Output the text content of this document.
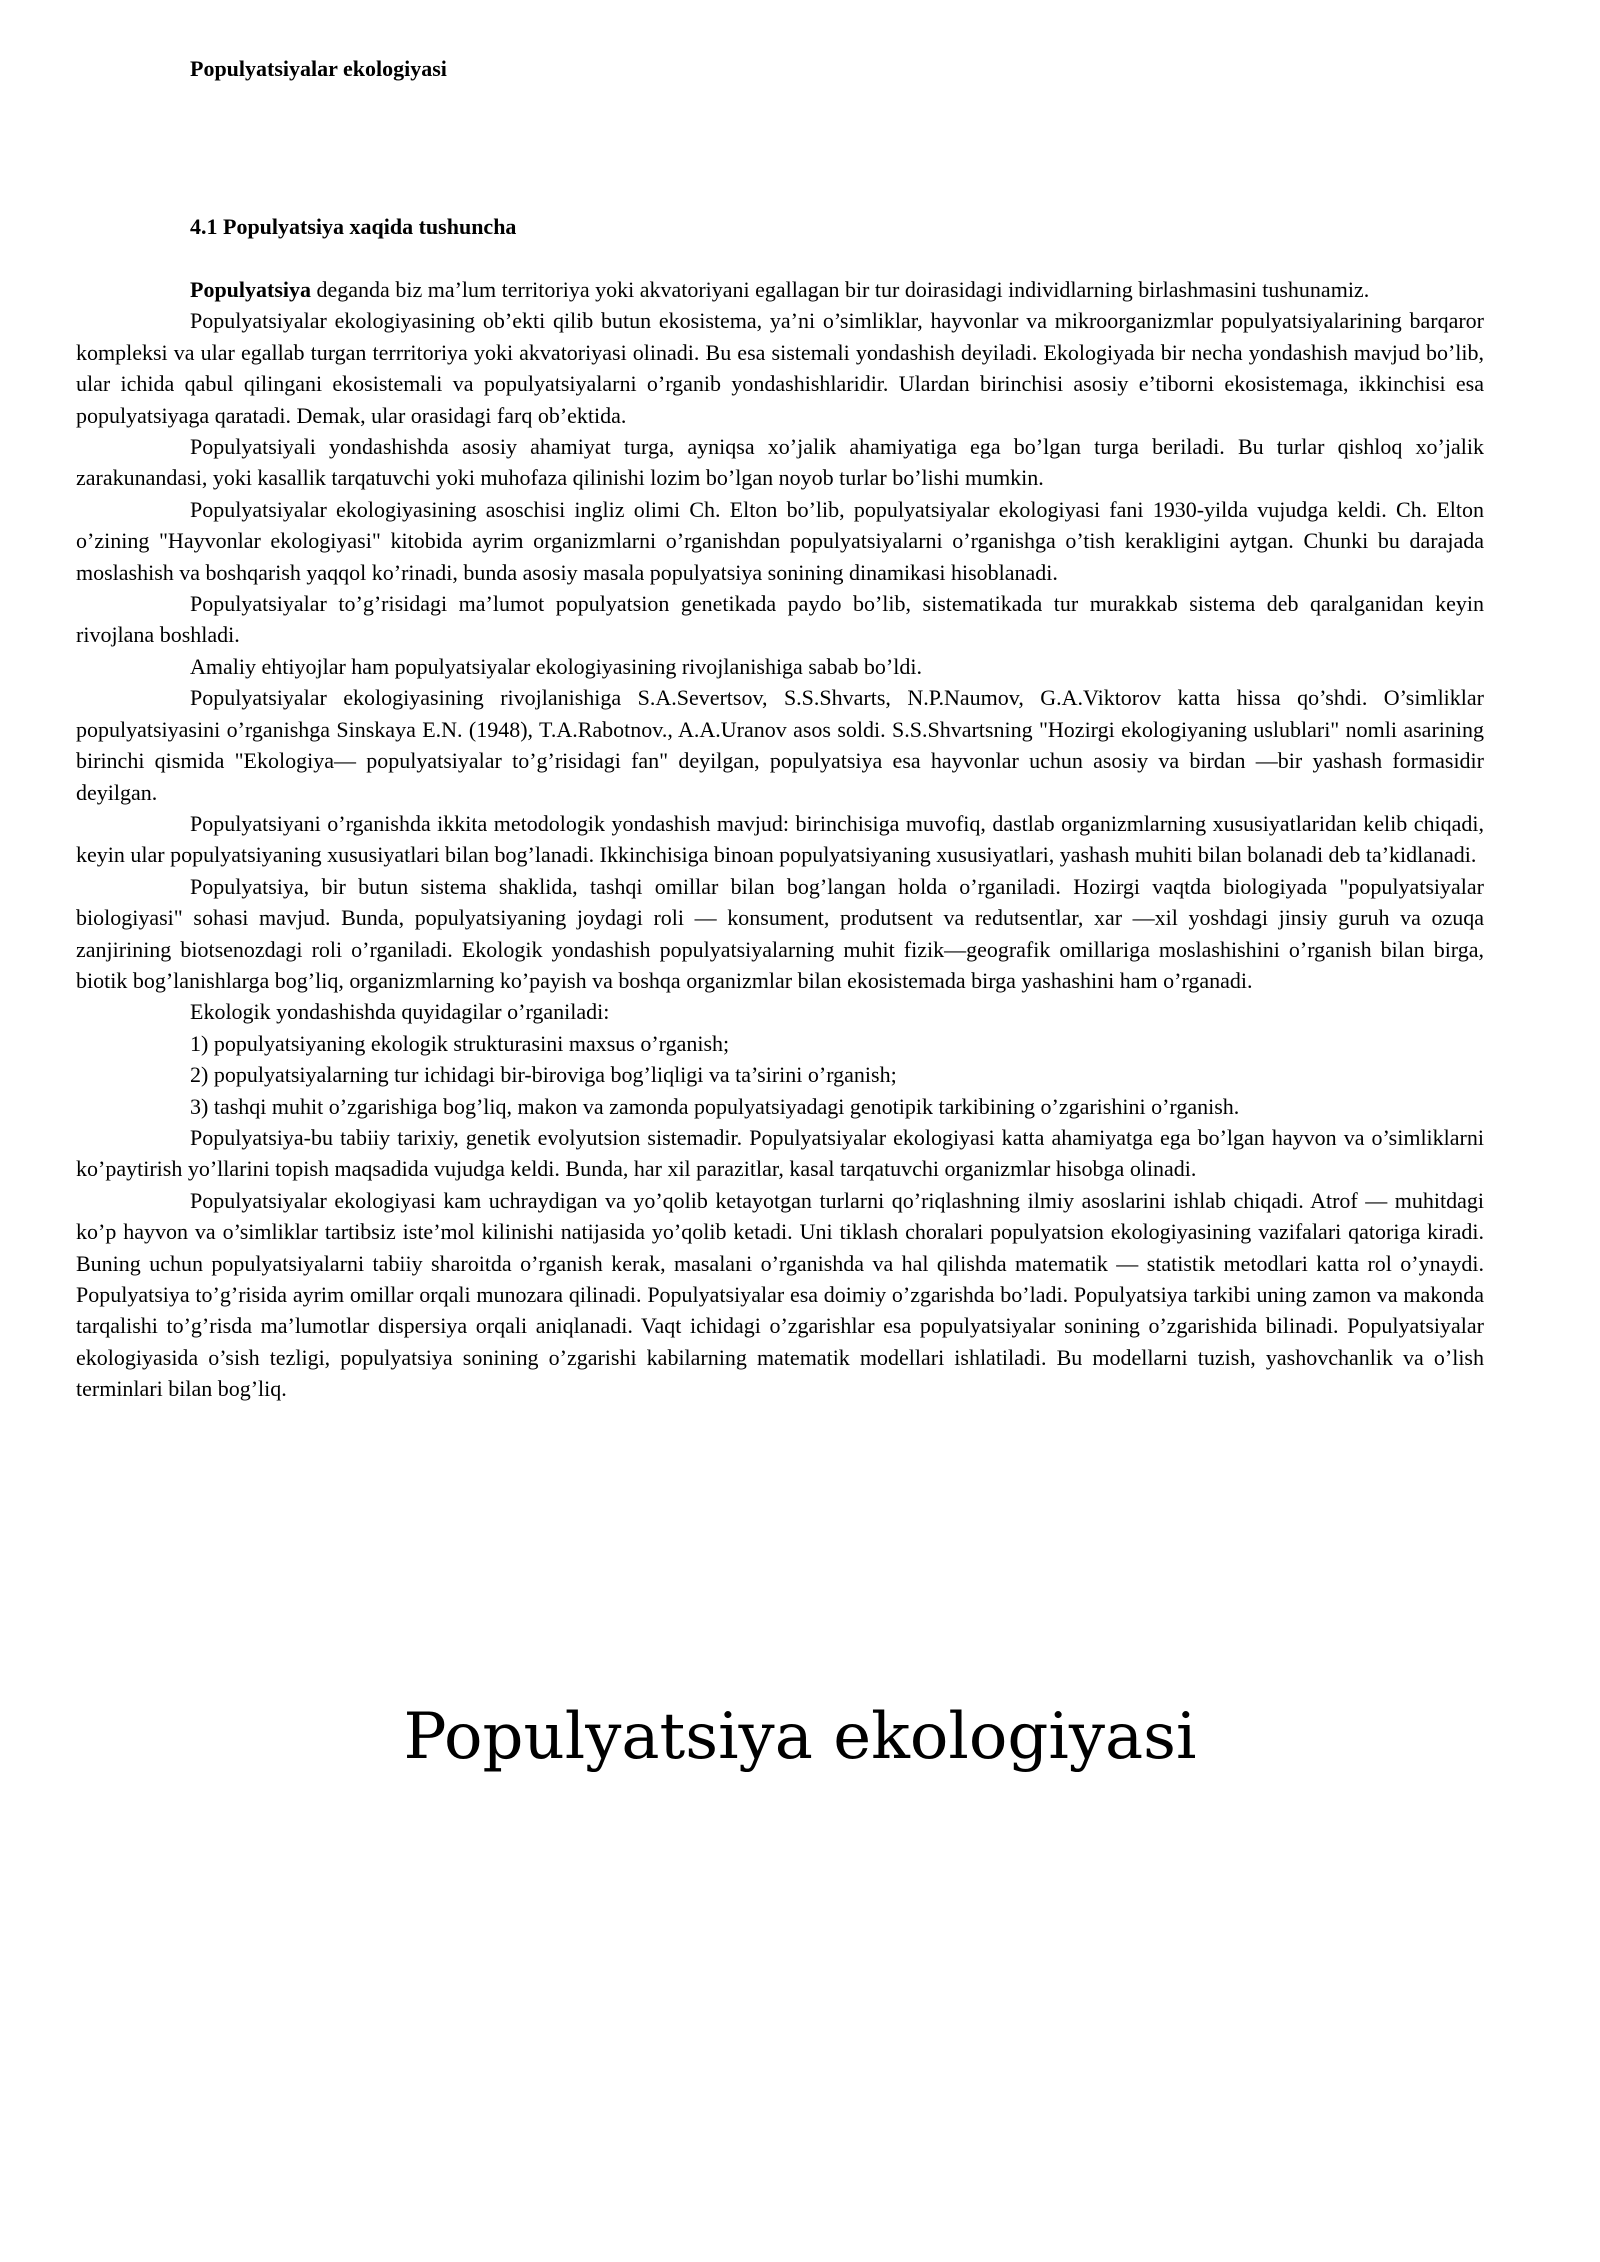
Populyatsiyalar ekologiyasi
4.1 Populyatsiya xaqida tushuncha

Populyatsiya deganda biz ma’lum territoriya yoki akvatoriyani egallagan bir tur doirasidagi individlarning birlashmasini tushunamiz.

Populyatsiyalar ekologiyasining ob’ekti qilib butun ekosistema, ya’ni o’simliklar, hayvonlar va mikroorganizmlar populyatsiyalarining barqaror kompleksi va ular egallab turgan terrritoriya yoki akvatoriyasi olinadi. Bu esa sistemali yondashish deyiladi. Ekologiyada bir necha yondashish mavjud bo’lib, ular ichida qabul qilingani ekosistemali va populyatsiyalarni o’rganib yondashishlaridir. Ulardan birinchisi asosiy e’tiborni ekosistemaga, ikkinchisi esa populyatsiyaga qaratadi. Demak, ular orasidagi farq ob’ektida.

Populyatsiyali yondashishda asosiy ahamiyat turga, ayniqsa xo’jalik ahamiyatiga ega bo’lgan turga beriladi. Bu turlar qishloq xo’jalik zarakunandasi, yoki kasallik tarqatuvchi yoki muhofaza qilinishi lozim bo’lgan noyob turlar bo’lishi mumkin.

Populyatsiyalar ekologiyasining asoschisi ingliz olimi Ch. Elton bo’lib, populyatsiyalar ekologiyasi fani 1930-yilda vujudga keldi. Ch. Elton o’zining "Hayvonlar ekologiyasi" kitobida ayrim organizmlarni o’rganishdan populyatsiyalarni o’rganishga o’tish kerakligini aytgan. Chunki bu darajada moslashish va boshqarish yaqqol ko’rinadi, bunda asosiy masala populyatsiya sonining dinamikasi hisoblanadi.

Populyatsiyalar to’g’risidagi ma’lumot populyatsion genetikada paydo bo’lib, sistematikada tur murakkab sistema deb qaralganidan keyin rivojlana boshladi.

Amaliy ehtiyojlar ham populyatsiyalar ekologiyasining rivojlanishiga sabab bo’ldi.

Populyatsiyalar ekologiyasining rivojlanishiga S.A.Severtsov, S.S.Shvarts, N.P.Naumov, G.A.Viktorov katta hissa qo’shdi. O’simliklar populyatsiyasini o’rganishga Sinskaya E.N. (1948), T.A.Rabotnov., A.A.Uranov asos soldi. S.S.Shvartsning "Hozirgi ekologiyaning uslublari" nomli asarining birinchi qismida "Ekologiya— populyatsiyalar to’g’risidagi fan" deyilgan, populyatsiya esa hayvonlar uchun asosiy va birdan —bir yashash formasidir deyilgan.

Populyatsiyani o’rganishda ikkita metodologik yondashish mavjud: birinchisiga muvofiq, dastlab organizmlarning xususiyatlaridan kelib chiqadi, keyin ular populyatsiyaning xususiyatlari bilan bog’lanadi. Ikkinchisiga binoan populyatsiyaning xususiyatlari, yashash muhiti bilan bolanadi deb ta’kidlanadi.

Populyatsiya, bir butun sistema shaklida, tashqi omillar bilan bog’langan holda o’rganiladi. Hozirgi vaqtda biologiyada "populyatsiyalar biologiyasi" sohasi mavjud. Bunda, populyatsiyaning joydagi roli — konsument, produtsent va redutsentlar, xar —xil yoshdagi jinsiy guruh va ozuqa zanjirining biotsenozdagi roli o’rganiladi. Ekologik yondashish populyatsiyalarning muhit fizik—geografik omillariga moslashishini o’rganish bilan birga, biotik bog’lanishlarga bog’liq, organizmlarning ko’payish va boshqa organizmlar bilan ekosistemada birga yashashini ham o’rganadi.

Ekologik yondashishda quyidagilar o’rganiladi:

1) populyatsiyaning ekologik strukturasini maxsus o’rganish;

2) populyatsiyalarning tur ichidagi bir-biroviga bog’liqligi va ta’sirini o’rganish;

3) tashqi muhit o’zgarishiga bog’liq, makon va zamonda populyatsiyadagi genotipik tarkibining o’zgarishini o’rganish.

Populyatsiya-bu tabiiy tarixiy, genetik evolyutsion sistemadir. Populyatsiyalar ekologiyasi katta ahamiyatga ega bo’lgan hayvon va o’simliklarni ko’paytirish yo’llarini topish maqsadida vujudga keldi. Bunda, har xil parazitlar, kasal tarqatuvchi organizmlar hisobga olinadi.

Populyatsiyalar ekologiyasi kam uchraydigan va yo’qolib ketayotgan turlarni qo’riqlashning ilmiy asoslarini ishlab chiqadi. Atrof — muhitdagi ko’p hayvon va o’simliklar tartibsiz iste’mol kilinishi natijasida yo’qolib ketadi. Uni tiklash choralari populyatsion ekologiyasining vazifalari qatoriga kiradi. Buning uchun populyatsiyalarni tabiiy sharoitda o’rganish kerak, masalani o’rganishda va hal qilishda matematik — statistik metodlari katta rol o’ynaydi. Populyatsiya to’g’risida ayrim omillar orqali munozara qilinadi. Populyatsiyalar esa doimiy o’zgarishda bo’ladi. Populyatsiya tarkibi uning zamon va makonda tarqalishi to’g’risda ma’lumotlar dispersiya orqali aniqlanadi. Vaqt ichidagi o’zgarishlar esa populyatsiyalar sonining o’zgarishida bilinadi. Populyatsiyalar ekologiyasida o’sish tezligi, populyatsiya sonining o’zgarishi kabilarning matematik modellari ishlatiladi. Bu modellarni tuzish, yashovchanlik va o’lish terminlari bilan bog’liq.

Populyatsiya ekologiyasi
